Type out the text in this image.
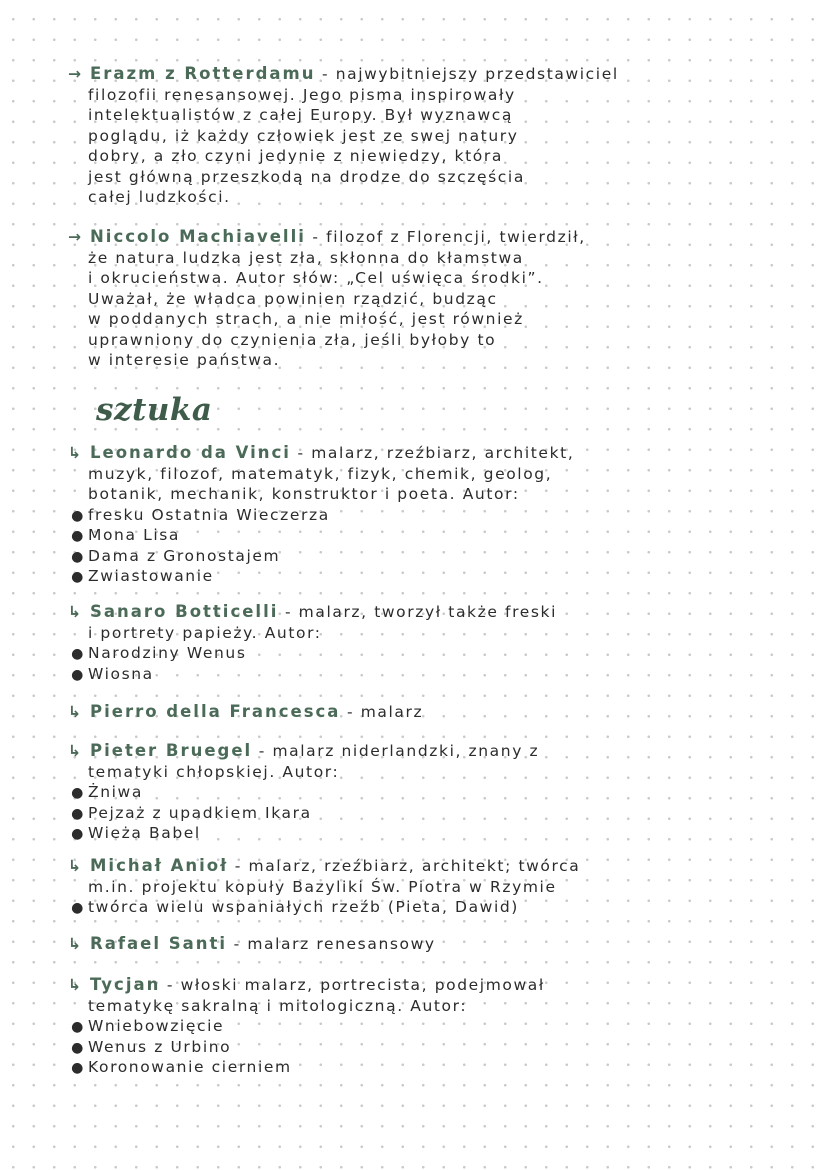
→ Erazm z Rotterdamu - najwybitniejszy przedstawiciel
filozofii renesansowej. Jego pisma inspirowały
intelektualistów z całej Europy. Był wyznawcą
poglądu, iż każdy człowiek jest ze swej natury
dobry, a zło czyni jedynie z niewiedzy, która
jest główną przeszkodą na drodze do szczęścia
całej ludzkości.
→ Niccolo Machiavelli - filozof z Florencji, twierdził,
że natura ludzka jest zła, skłonna do kłamstwa
i okrucieństwa. Autor słów: „Cel uświęca środki”.
Uważał, że władca powinien rządzić, budząc
w poddanych strach, a nie miłość, jest również
uprawniony do czynienia zła, jeśli byłoby to
w interesie państwa.
sztuka
↳ Leonardo da Vinci - malarz, rzeźbiarz, architekt,
muzyk, filozof, matematyk, fizyk, chemik, geolog,
botanik, mechanik, konstruktor i poeta. Autor:
● fresku Ostatnia Wieczerza
● Mona Lisa
● Dama z Gronostajem
● Zwiastowanie
↳ Sanaro Botticelli - malarz, tworzył także freski
i portrety papieży. Autor:
● Narodziny Wenus
● Wiosna
↳ Pierro della Francesca - malarz
↳ Pieter Bruegel - malarz niderlandzki, znany z
tematyki chłopskiej. Autor:
● Żniwa
● Pejzaż z upadkiem Ikara
● Wieża Babel
↳ Michał Anioł - malarz, rzeźbiarz, architekt; twórca
m.in. projektu kopuły Bazyliki Św. Piotra w Rzymie
● twórca wielu wspaniałych rzeźb (Pieta, Dawid)
↳ Rafael Santi - malarz renesansowy
↳ Tycjan - włoski malarz, portrecista, podejmował
tematykę sakralną i mitologiczną. Autor:
● Wniebowzięcie
● Wenus z Urbino
● Koronowanie cierniem
